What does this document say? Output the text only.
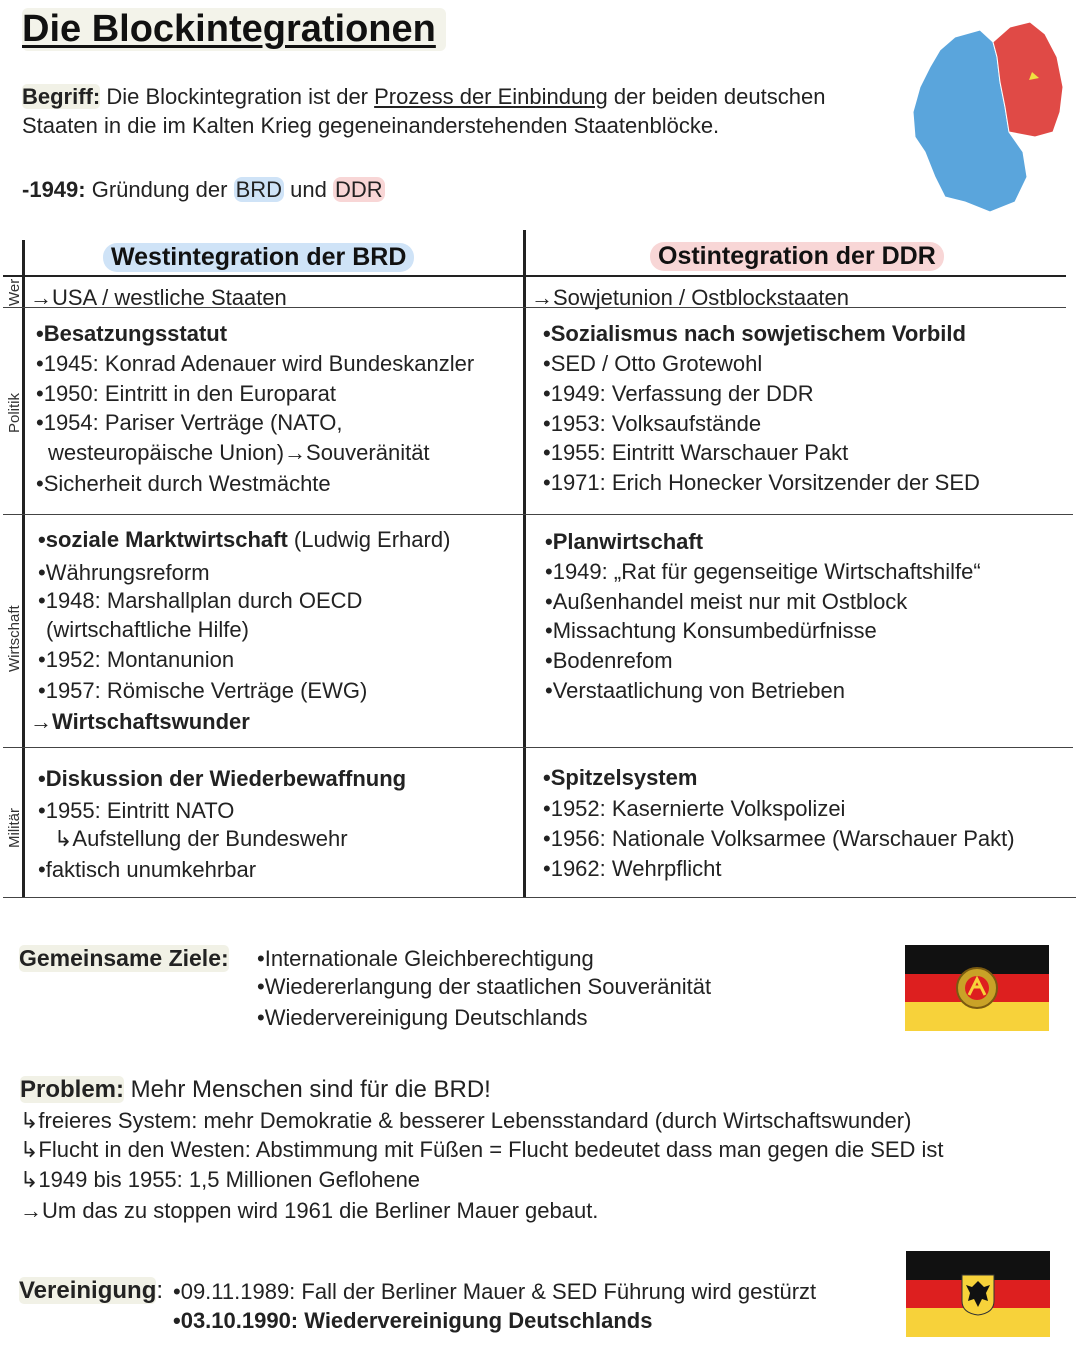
Die Blockintegrationen
Begriff: Die Blockintegration ist der Prozess der Einbindung der beiden deutschen
Staaten in die im Kalten Krieg gegeneinanderstehenden Staatenblöcke.
-1949: Gründung der BRD und DDR
Westintegration der BRD	Ostintegration der DDR
Wer
Politik
Wirtschaft
Militär
→USA / westliche Staaten	→Sowjetunion / Ostblockstaaten
•Besatzungsstatut
•1945: Konrad Adenauer wird Bundeskanzler
•1950: Eintritt in den Europarat
•1954: Pariser Verträge (NATO,
westeuropäische Union)→Souveränität
•Sicherheit durch Westmächte
•Sozialismus nach sowjetischem Vorbild
•SED / Otto Grotewohl
•1949: Verfassung der DDR
•1953: Volksaufstände
•1955: Eintritt Warschauer Pakt
•1971: Erich Honecker Vorsitzender der SED
•soziale Marktwirtschaft (Ludwig Erhard)
•Währungsreform
•1948: Marshallplan durch OECD
(wirtschaftliche Hilfe)
•1952: Montanunion
•1957: Römische Verträge (EWG)
→Wirtschaftswunder
•Planwirtschaft
•1949: „Rat für gegenseitige Wirtschaftshilfe“
•Außenhandel meist nur mit Ostblock
•Missachtung Konsumbedürfnisse
•Bodenrefom
•Verstaatlichung von Betrieben
•Diskussion der Wiederbewaffnung
•1955: Eintritt NATO
↳Aufstellung der Bundeswehr
•faktisch unumkehrbar
•Spitzelsystem
•1952: Kasernierte Volkspolizei
•1956: Nationale Volksarmee (Warschauer Pakt)
•1962: Wehrpflicht
Gemeinsame Ziele: •Internationale Gleichberechtigung
•Wiedererlangung der staatlichen Souveränität
•Wiedervereinigung Deutschlands
Problem: Mehr Menschen sind für die BRD!
↳freieres System: mehr Demokratie & besserer Lebensstandard (durch Wirtschaftswunder)
↳Flucht in den Westen: Abstimmung mit Füßen = Flucht bedeutet dass man gegen die SED ist
↳1949 bis 1955: 1,5 Millionen Geflohene
→Um das zu stoppen wird 1961 die Berliner Mauer gebaut.
Vereinigung: •09.11.1989: Fall der Berliner Mauer & SED Führung wird gestürzt
•03.10.1990: Wiedervereinigung Deutschlands
